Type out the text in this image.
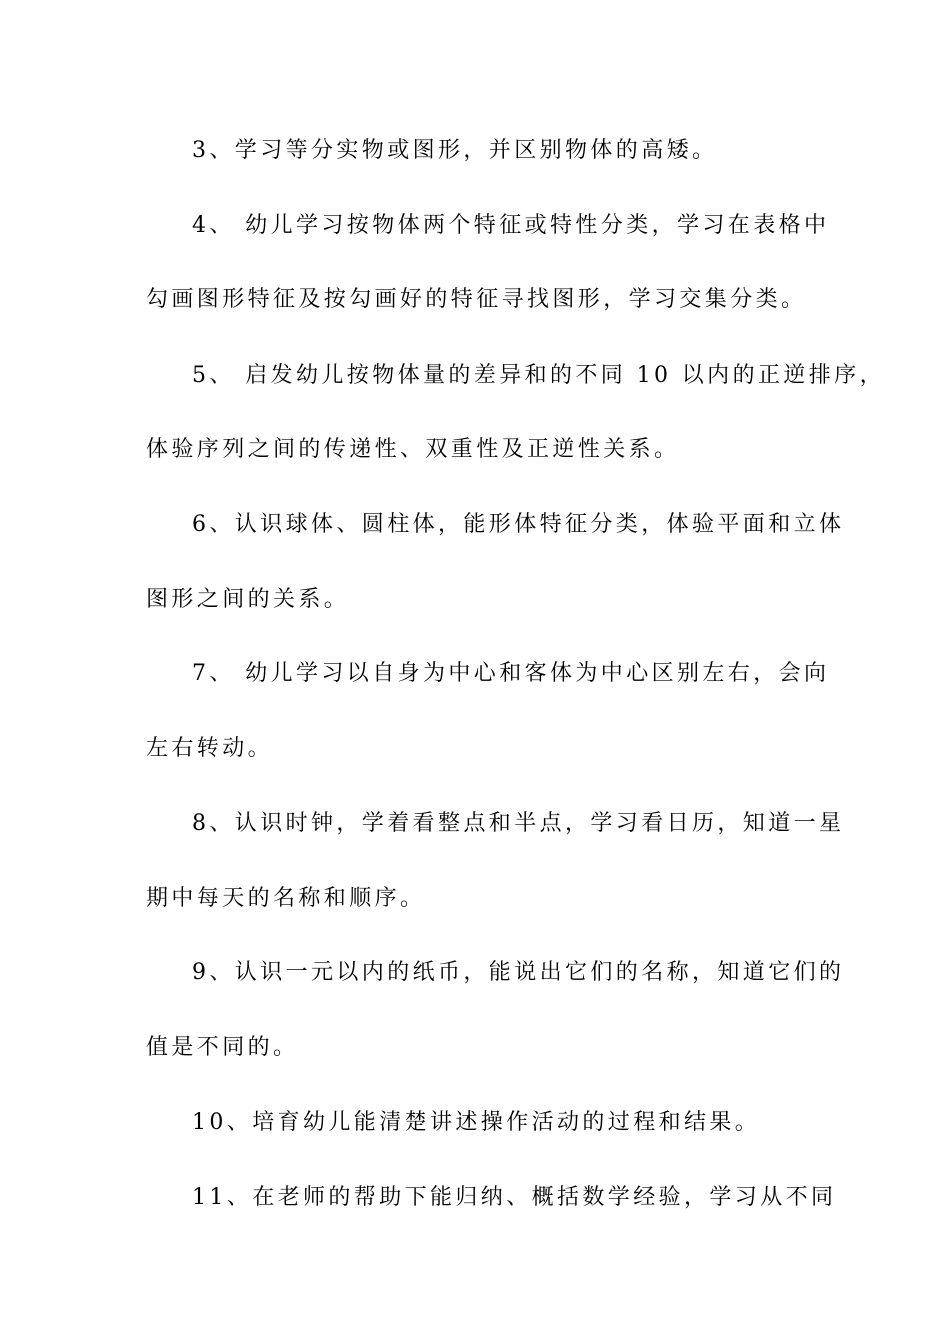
3、学习等分实物或图形，并区别物体的高矮。
4、 幼儿学习按物体两个特征或特性分类，学习在表格中
勾画图形特征及按勾画好的特征寻找图形，学习交集分类。
5、 启发幼儿按物体量的差异和的不同 10 以内的正逆排序，
体验序列之间的传递性、双重性及正逆性关系。
6、认识球体、圆柱体，能形体特征分类，体验平面和立体
图形之间的关系。
7、 幼儿学习以自身为中心和客体为中心区别左右，会向
左右转动。
8、认识时钟，学着看整点和半点，学习看日历，知道一星
期中每天的名称和顺序。
9、认识一元以内的纸币，能说出它们的名称，知道它们的
值是不同的。
10、培育幼儿能清楚讲述操作活动的过程和结果。
11、在老师的帮助下能归纳、概括数学经验，学习从不同
